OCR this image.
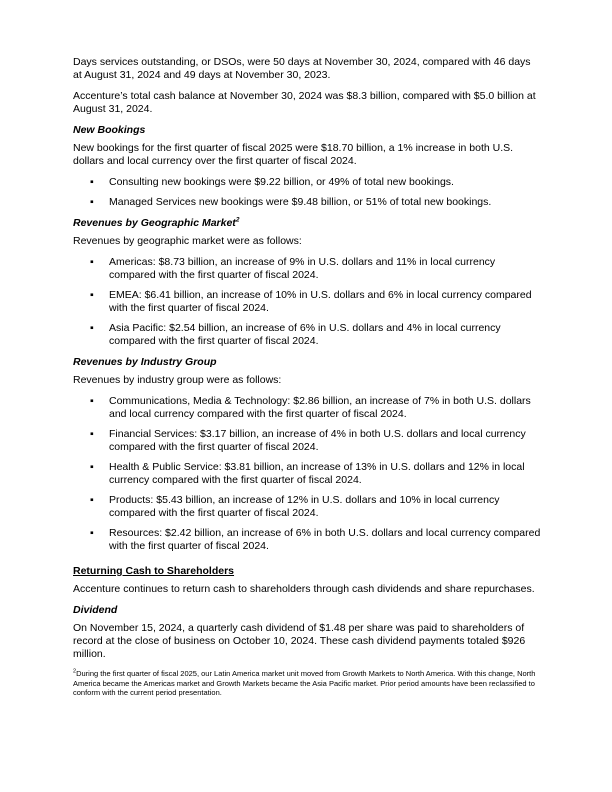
Days services outstanding, or DSOs, were 50 days at November 30, 2024, compared with 46 days at August 31, 2024 and 49 days at November 30, 2023.

Accenture’s total cash balance at November 30, 2024 was $8.3 billion, compared with $5.0 billion at August 31, 2024.

New Bookings

New bookings for the first quarter of fiscal 2025 were $18.70 billion, a 1% increase in both U.S. dollars and local currency over the first quarter of fiscal 2024.

▪ Consulting new bookings were $9.22 billion, or 49% of total new bookings.
▪ Managed Services new bookings were $9.48 billion, or 51% of total new bookings.
Revenues by Geographic Market$^2$

Revenues by geographic market were as follows:

▪ Americas: $8.73 billion, an increase of 9% in U.S. dollars and 11% in local currency compared with the first quarter of fiscal 2024.
▪ EMEA: $6.41 billion, an increase of 10% in U.S. dollars and 6% in local currency compared with the first quarter of fiscal 2024.
▪ Asia Pacific: $2.54 billion, an increase of 6% in U.S. dollars and 4% in local currency compared with the first quarter of fiscal 2024.
Revenues by Industry Group

Revenues by industry group were as follows:

▪ Communications, Media & Technology: $2.86 billion, an increase of 7% in both U.S. dollars and local currency compared with the first quarter of fiscal 2024.
▪ Financial Services: $3.17 billion, an increase of 4% in both U.S. dollars and local currency compared with the first quarter of fiscal 2024.
▪ Health & Public Service: $3.81 billion, an increase of 13% in U.S. dollars and 12% in local currency compared with the first quarter of fiscal 2024.
▪ Products: $5.43 billion, an increase of 12% in U.S. dollars and 10% in local currency compared with the first quarter of fiscal 2024.
▪ Resources: $2.42 billion, an increase of 6% in both U.S. dollars and local currency compared with the first quarter of fiscal 2024.
Returning Cash to Shareholders

Accenture continues to return cash to shareholders through cash dividends and share repurchases.

Dividend

On November 15, 2024, a quarterly cash dividend of $1.48 per share was paid to shareholders of record at the close of business on October 10, 2024. These cash dividend payments totaled $926 million.

$^2$During the first quarter of fiscal 2025, our Latin America market unit moved from Growth Markets to North America. With this change, North America became the Americas market and Growth Markets became the Asia Pacific market. Prior period amounts have been reclassified to conform with the current period presentation.
